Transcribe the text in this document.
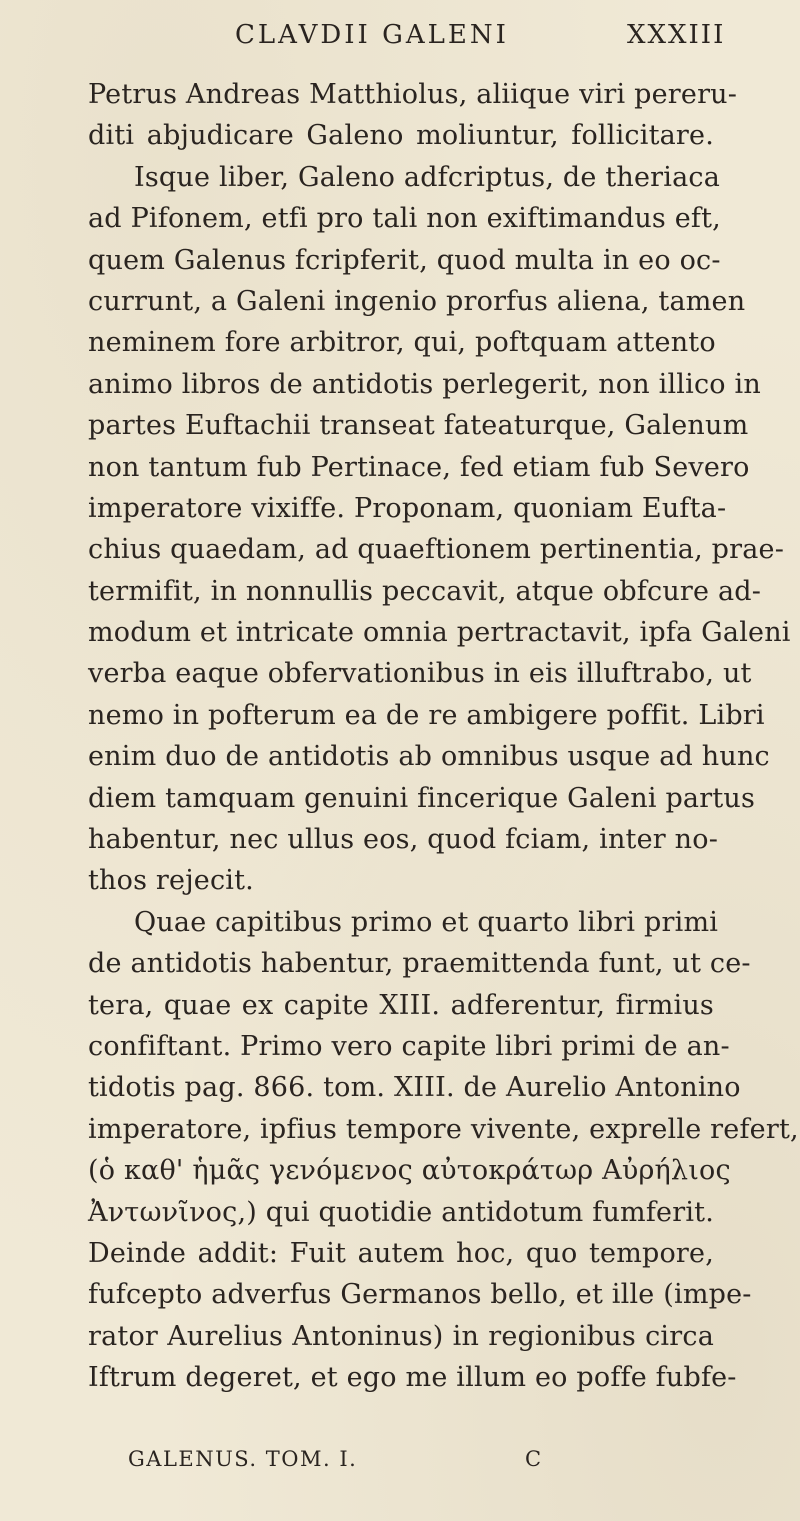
CLAVDII GALENI	XXXIII
Petrus Andreas Matthiolus, aliique viri pereru-
diti abjudicare Galeno moliuntur, follicitare.
Isque liber, Galeno adfcriptus, de theriaca
ad Pifonem, etfi pro tali non exiftimandus eft,
quem Galenus fcripferit, quod multa in eo oc-
currunt, a Galeni ingenio prorfus aliena, tamen
neminem fore arbitror, qui, poftquam attento
animo libros de antidotis perlegerit, non illico in
partes Euftachii transeat fateaturque, Galenum
non tantum fub Pertinace, fed etiam fub Severo
imperatore vixiffe. Proponam, quoniam Eufta-
chius quaedam, ad quaeftionem pertinentia, prae-
termifit, in nonnullis peccavit, atque obfcure ad-
modum et intricate omnia pertractavit, ipfa Galeni
verba eaque obfervationibus in eis illuftrabo, ut
nemo in pofterum ea de re ambigere poffit. Libri
enim duo de antidotis ab omnibus usque ad hunc
diem tamquam genuini fincerique Galeni partus
habentur, nec ullus eos, quod fciam, inter no-
thos rejecit.
Quae capitibus primo et quarto libri primi
de antidotis habentur, praemittenda funt, ut ce-
tera, quae ex capite XIII. adferentur, firmius
confiftant. Primo vero capite libri primi de an-
tidotis pag. 866. tom. XIII. de Aurelio Antonino
imperatore, ipfius tempore vivente, exprelle refert,
(ὁ καθ' ἡμᾶς γενόμενος αὐτοκράτωρ Αὐρήλιος
Ἀντωνῖνος,) qui quotidie antidotum fumferit.
Deinde addit: Fuit autem hoc, quo tempore,
fufcepto adverfus Germanos bello, et ille (impe-
rator Aurelius Antoninus) in regionibus circa
Iftrum degeret, et ego me illum eo poffe fubfe-
GALENUS. TOM. I.	C
